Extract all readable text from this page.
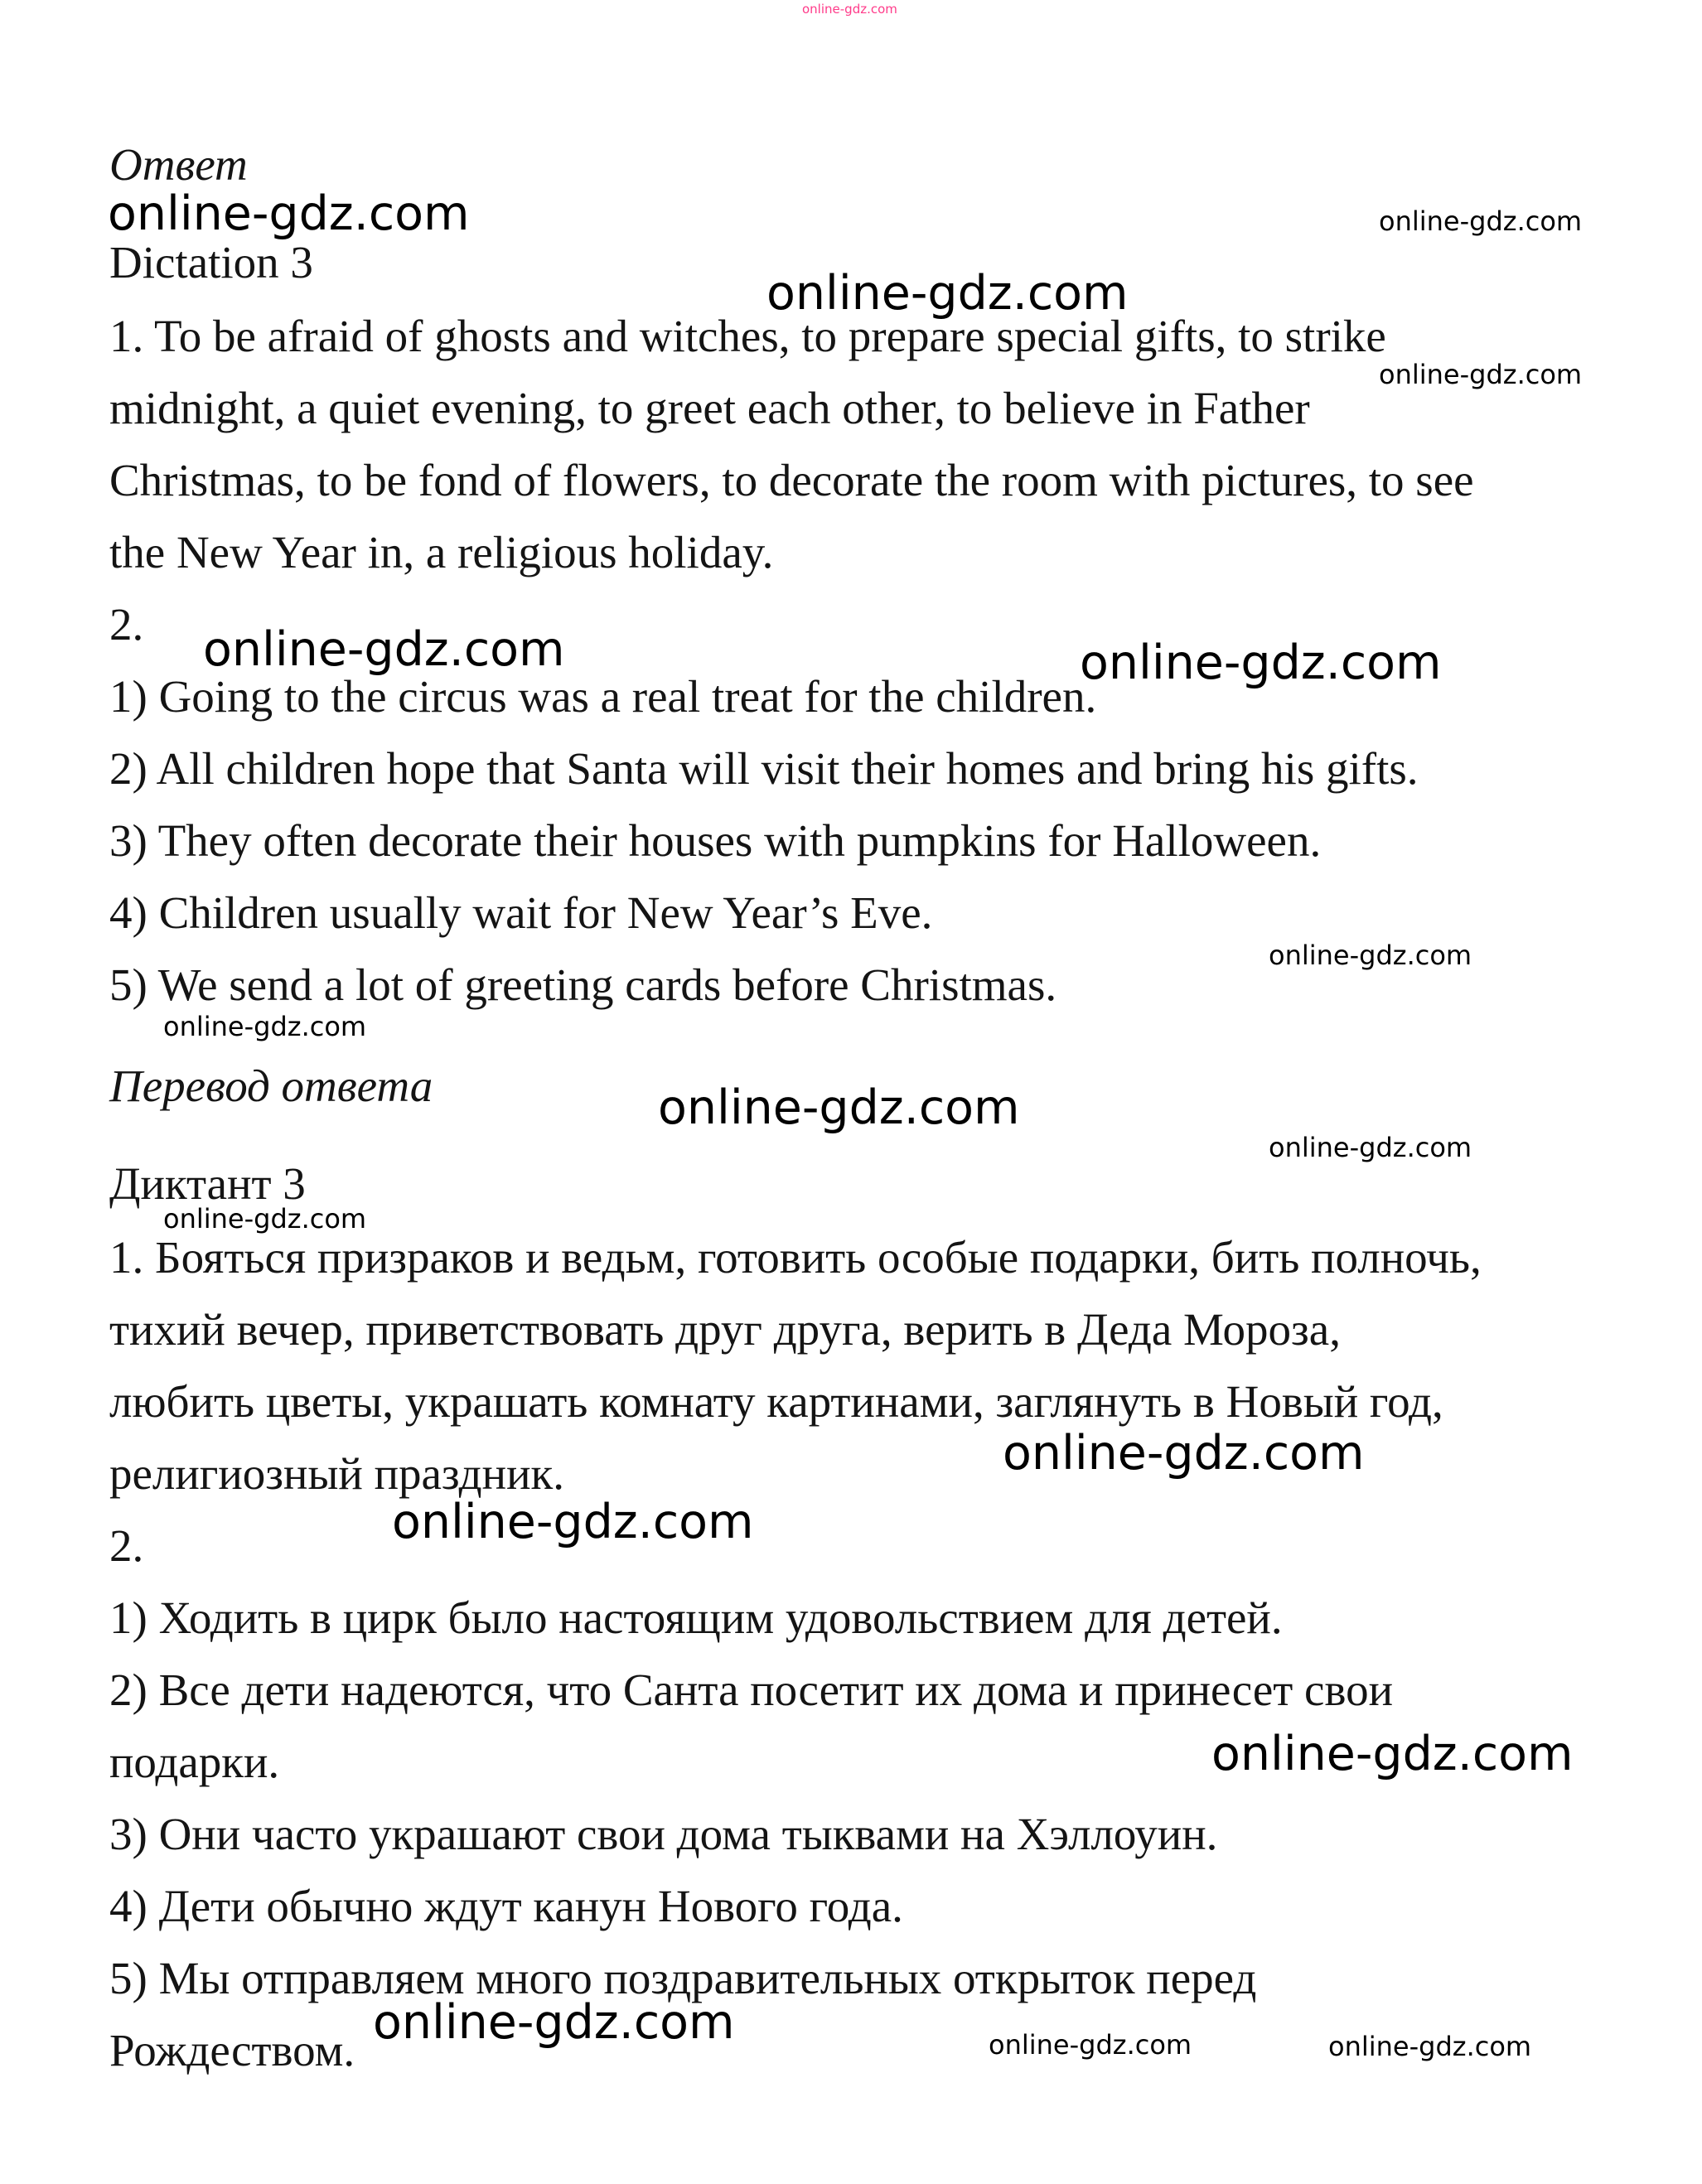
online-gdz.com

Ответ

Dictation 3

1. To be afraid of ghosts and witches, to prepare special gifts, to strike

midnight, a quiet evening, to greet each other, to believe in Father

Christmas, to be fond of flowers, to decorate the room with pictures, to see

the New Year in, a religious holiday.

2.

1) Going to the circus was a real treat for the children.

2) All children hope that Santa will visit their homes and bring his gifts.

3) They often decorate their houses with pumpkins for Halloween.

4) Children usually wait for New Year’s Eve.

5) We send a lot of greeting cards before Christmas.

Перевод ответа

Диктант 3

1. Бояться призраков и ведьм, готовить особые подарки, бить полночь,

тихий вечер, приветствовать друг друга, верить в Деда Мороза,

любить цветы, украшать комнату картинами, заглянуть в Новый год,

религиозный праздник.

2.

1) Ходить в цирк было настоящим удовольствием для детей.

2) Все дети надеются, что Санта посетит их дома и принесет свои

подарки.

3) Они часто украшают свои дома тыквами на Хэллоуин.

4) Дети обычно ждут канун Нового года.

5) Мы отправляем много поздравительных открыток перед

Рождеством.

online-gdz.com	online-gdz.com
online-gdz.com
online-gdz.com
online-gdz.com	online-gdz.com
online-gdz.com
online-gdz.com
online-gdz.com
online-gdz.com
online-gdz.com
online-gdz.com
online-gdz.com
online-gdz.com
online-gdz.com	online-gdz.com	online-gdz.com
